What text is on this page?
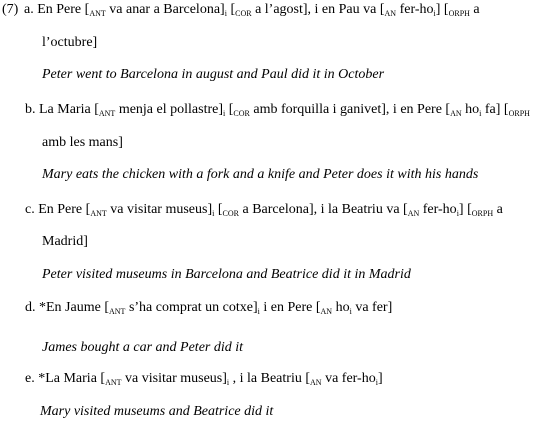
(7) a. En Pere [$_{ANT}$ va anar a $Barcelona]_i$ [$_{COR}$ a l’agost], i en Pau va [$_{AN}$ fer-$ho_i$] [$_{ORPH}$ a
l’octubre]
Peter went to Barcelona in august and Paul did it in October
b. La Maria [$_{ANT}$ menja el $pollastre]_i$ [$_{COR}$ amb forquilla i ganivet], i en Pere [$_{AN}$ $ho_i$ fa] [$_{ORPH}$
amb les mans]
Mary eats the chicken with a fork and a knife and Peter does it with his hands
c. En Pere [$_{ANT}$ va visitar $museus]_i$ [$_{COR}$ a Barcelona], i la Beatriu va [$_{AN}$ fer-$ho_i$] [$_{ORPH}$ a
Madrid]
Peter visited museums in Barcelona and Beatrice did it in Madrid
d. *En Jaume [$_{ANT}$ s’ha comprat un $cotxe]_i$ i en Pere [$_{AN}$ $ho_i$ va fer]
James bought a car and Peter did it
e. *La Maria [$_{ANT}$ va visitar $museus]_i$ , i la Beatriu [$_{AN}$ va fer-$ho_i$]
Mary visited museums and Beatrice did it
